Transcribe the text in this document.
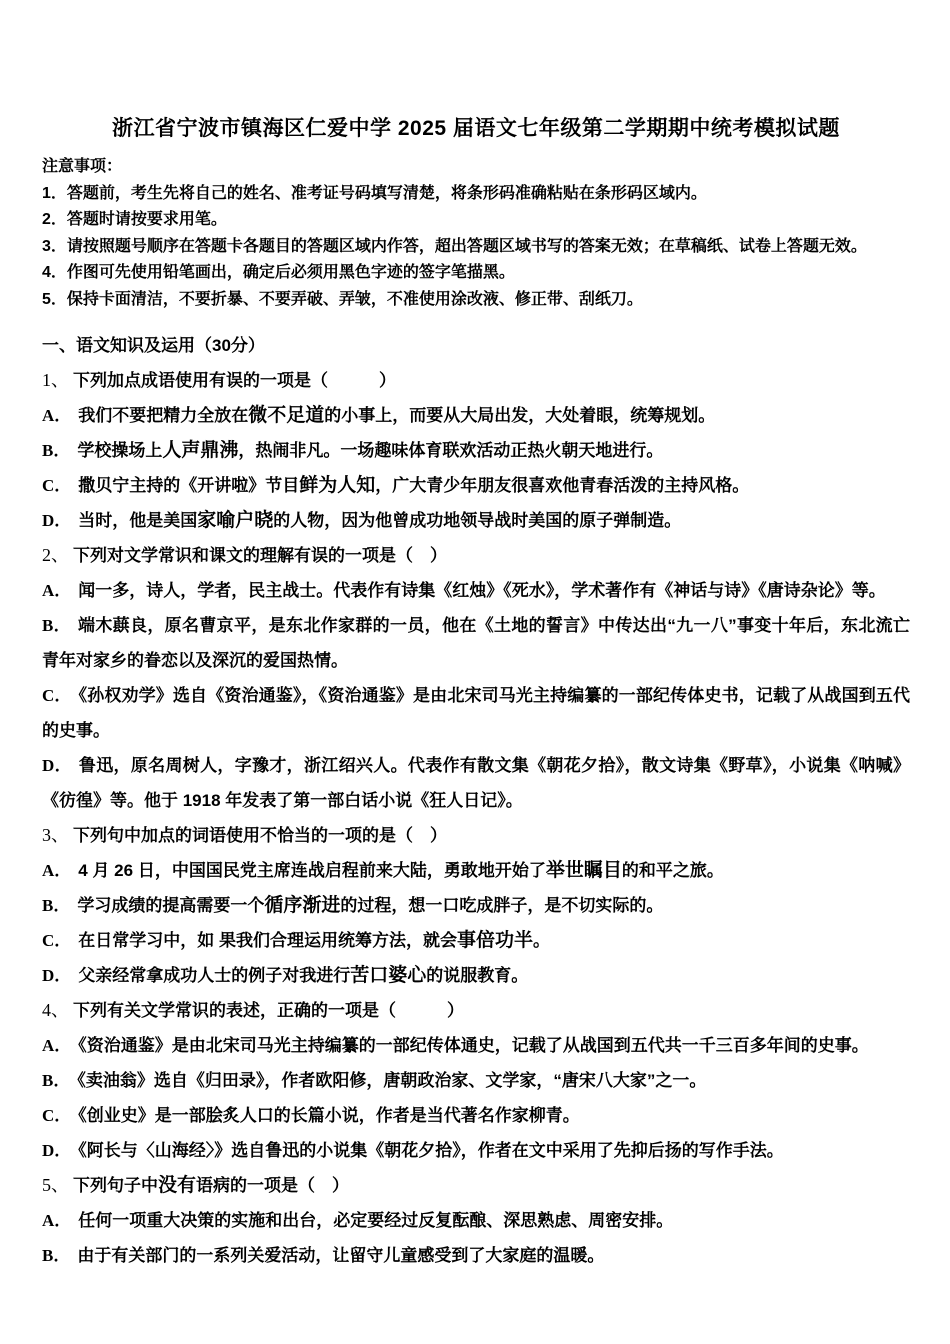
浙江省宁波市镇海区仁爱中学 2025 届语文七年级第二学期期中统考模拟试题
注意事项：
1．答题前，考生先将自己的姓名、准考证号码填写清楚，将条形码准确粘贴在条形码区域内。
2．答题时请按要求用笔。
3．请按照题号顺序在答题卡各题目的答题区域内作答，超出答题区域书写的答案无效；在草稿纸、试卷上答题无效。
4．作图可先使用铅笔画出，确定后必须用黑色字迹的签字笔描黑。
5．保持卡面清洁，不要折暴、不要弄破、弄皱，不准使用涂改液、修正带、刮纸刀。
一、语文知识及运用（30分）
1、 下列加点成语使用有误的一项是（　　　）
A． 我们不要把精力全放在微不足道的小事上，而要从大局出发，大处着眼，统筹规划。
B． 学校操场上人声鼎沸，热闹非凡。一场趣味体育联欢活动正热火朝天地进行。
C． 撒贝宁主持的《开讲啦》节目鲜为人知，广大青少年朋友很喜欢他青春活泼的主持风格。
D． 当时，他是美国家喻户晓的人物，因为他曾成功地领导战时美国的原子弹制造。
2、 下列对文学常识和课文的理解有误的一项是（　）
A． 闻一多，诗人，学者，民主战士。代表作有诗集《红烛》《死水》，学术著作有《神话与诗》《唐诗杂论》等。
B． 端木蕻良，原名曹京平，是东北作家群的一员，他在《土地的誓言》中传达出“九一八”事变十年后，东北流亡青年对家乡的眷恋以及深沉的爱国热情。
C． 《孙权劝学》选自《资治通鉴》，《资治通鉴》是由北宋司马光主持编纂的一部纪传体史书，记载了从战国到五代的史事。
D． 鲁迅，原名周树人，字豫才，浙江绍兴人。代表作有散文集《朝花夕拾》，散文诗集《野草》，小说集《呐喊》《彷徨》等。他于 1918 年发表了第一部白话小说《狂人日记》。
3、 下列句中加点的词语使用不恰当的一项的是（　）
A． 4 月 26 日，中国国民党主席连战启程前来大陆，勇敢地开始了举世瞩目的和平之旅。
B． 学习成绩的提高需要一个循序渐进的过程，想一口吃成胖子，是不切实际的。
C． 在日常学习中，如 果我们合理运用统筹方法，就会事倍功半。
D． 父亲经常拿成功人士的例子对我进行苦口婆心的说服教育。
4、 下列有关文学常识的表述，正确的一项是（　　　）
A． 《资治通鉴》是由北宋司马光主持编纂的一部纪传体通史，记载了从战国到五代共一千三百多年间的史事。
B． 《卖油翁》选自《归田录》，作者欧阳修，唐朝政治家、文学家，“唐宋八大家”之一。
C． 《创业史》是一部脍炙人口的长篇小说，作者是当代著名作家柳青。
D． 《阿长与〈山海经〉》选自鲁迅的小说集《朝花夕拾》，作者在文中采用了先抑后扬的写作手法。
5、 下列句子中没有语病的一项是（　）
A． 任何一项重大决策的实施和出台，必定要经过反复酝酿、深思熟虑、周密安排。
B． 由于有关部门的一系列关爱活动，让留守儿童感受到了大家庭的温暖。
